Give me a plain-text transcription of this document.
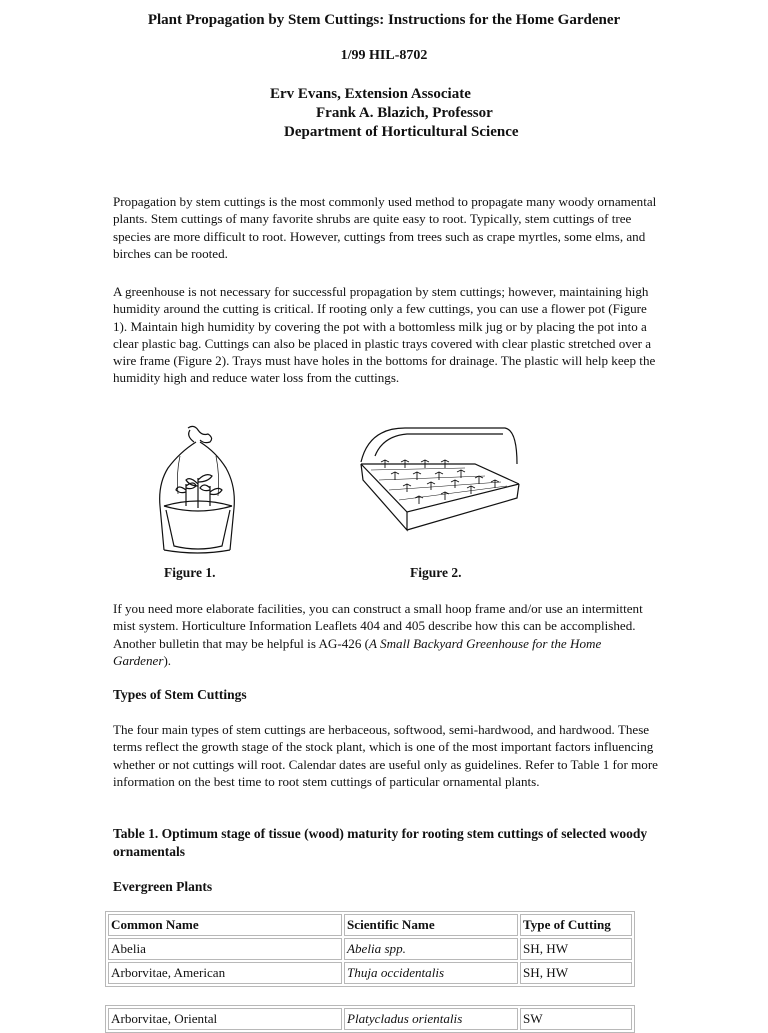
Plant Propagation by Stem Cuttings: Instructions for the Home Gardener
1/99 HIL-8702
Erv Evans, Extension Associate
Frank A. Blazich, Professor
Department of Horticultural Science
Propagation by stem cuttings is the most commonly used method to propagate many woody ornamental plants. Stem cuttings of many favorite shrubs are quite easy to root. Typically, stem cuttings of tree species are more difficult to root. However, cuttings from trees such as crape myrtles, some elms, and birches can be rooted.
A greenhouse is not necessary for successful propagation by stem cuttings; however, maintaining high humidity around the cutting is critical. If rooting only a few cuttings, you can use a flower pot (Figure 1). Maintain high humidity by covering the pot with a bottomless milk jug or by placing the pot into a clear plastic bag. Cuttings can also be placed in plastic trays covered with clear plastic stretched over a wire frame (Figure 2). Trays must have holes in the bottoms for drainage. The plastic will help keep the humidity high and reduce water loss from the cuttings.
Figure 1.	Figure 2.
If you need more elaborate facilities, you can construct a small hoop frame and/or use an intermittent mist system. Horticulture Information Leaflets 404 and 405 describe how this can be accomplished. Another bulletin that may be helpful is AG-426 (A Small Backyard Greenhouse for the Home Gardener).
Types of Stem Cuttings
The four main types of stem cuttings are herbaceous, softwood, semi-hardwood, and hardwood. These terms reflect the growth stage of the stock plant, which is one of the most important factors influencing whether or not cuttings will root. Calendar dates are useful only as guidelines. Refer to Table 1 for more information on the best time to root stem cuttings of particular ornamental plants.
Table 1. Optimum stage of tissue (wood) maturity for rooting stem cuttings of selected woody ornamentals
Evergreen Plants
Common Name	Scientific Name	Type of Cutting
Abelia	Abelia spp.	SH, HW
Arborvitae, American	Thuja occidentalis	SH, HW
Arborvitae, Oriental	Platycladus orientalis	SW
